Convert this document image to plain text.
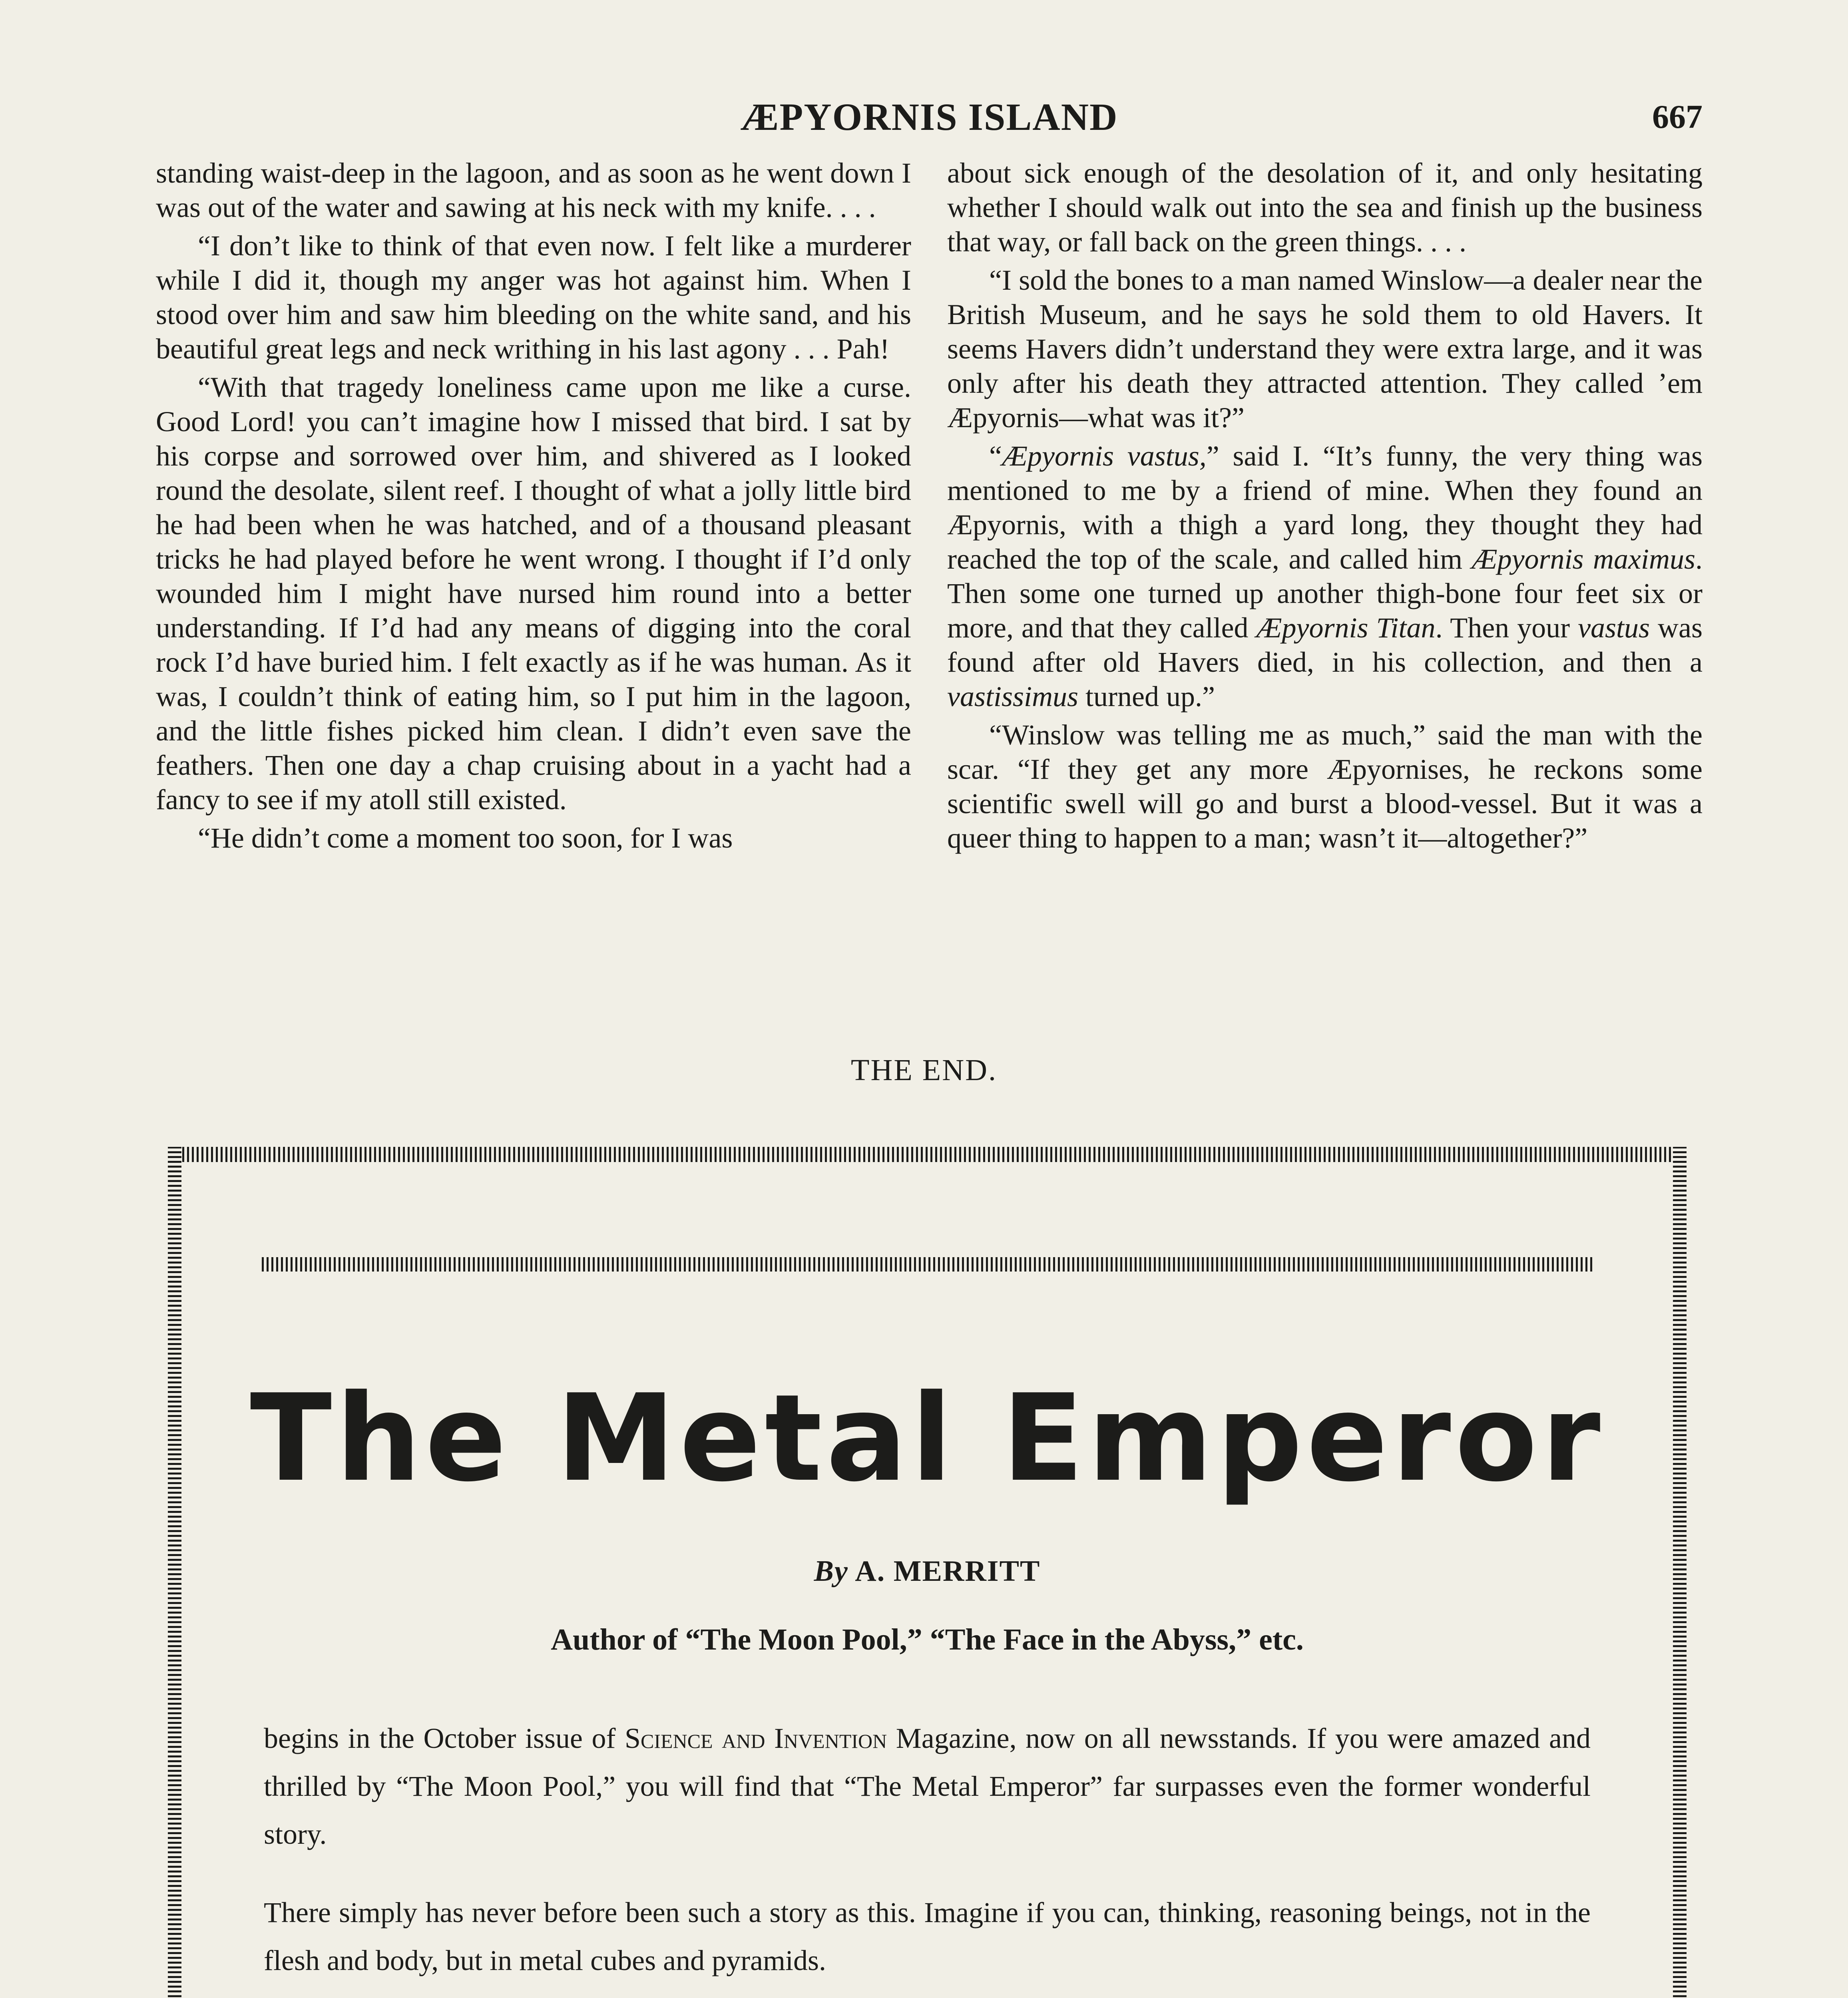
ÆPYORNIS ISLAND	667

standing waist-deep in the lagoon, and as soon as he went down I was out of the water and sawing at his neck with my knife. . . .

“I don’t like to think of that even now. I felt like a murderer while I did it, though my anger was hot against him. When I stood over him and saw him bleeding on the white sand, and his beautiful great legs and neck writhing in his last agony . . . Pah!

“With that tragedy loneliness came upon me like a curse. Good Lord! you can’t imagine how I missed that bird. I sat by his corpse and sorrowed over him, and shivered as I looked round the desolate, silent reef. I thought of what a jolly little bird he had been when he was hatched, and of a thousand pleasant tricks he had played before he went wrong. I thought if I’d only wounded him I might have nursed him round into a better understanding. If I’d had any means of digging into the coral rock I’d have buried him. I felt exactly as if he was human. As it was, I couldn’t think of eating him, so I put him in the lagoon, and the little fishes picked him clean. I didn’t even save the feathers. Then one day a chap cruising about in a yacht had a fancy to see if my atoll still existed.

“He didn’t come a moment too soon, for I was

about sick enough of the desolation of it, and only hesitating whether I should walk out into the sea and finish up the business that way, or fall back on the green things. . . .

“I sold the bones to a man named Winslow—a dealer near the British Museum, and he says he sold them to old Havers. It seems Havers didn’t understand they were extra large, and it was only after his death they attracted attention. They called ’em Æpyornis—what was it?”

“Æpyornis vastus,” said I. “It’s funny, the very thing was mentioned to me by a friend of mine. When they found an Æpyornis, with a thigh a yard long, they thought they had reached the top of the scale, and called him Æpyornis maximus. Then some one turned up another thigh-bone four feet six or more, and that they called Æpyornis Titan. Then your vastus was found after old Havers died, in his collection, and then a vastissimus turned up.”

“Winslow was telling me as much,” said the man with the scar. “If they get any more Æpyornises, he reckons some scientific swell will go and burst a blood-vessel. But it was a queer thing to happen to a man; wasn’t it—altogether?”

THE END.
The Metal Emperor
By A. MERRITT
Author of “The Moon Pool,” “The Face in the Abyss,” etc.

begins in the October issue of Science and Invention Magazine, now on all newsstands. If you were amazed and thrilled by “The Moon Pool,” you will find that “The Metal Emperor” far surpasses even the former wonderful story.

There simply has never before been such a story as this. Imagine if you can, thinking, reasoning beings, not in the flesh and body, but in metal cubes and pyramids.
